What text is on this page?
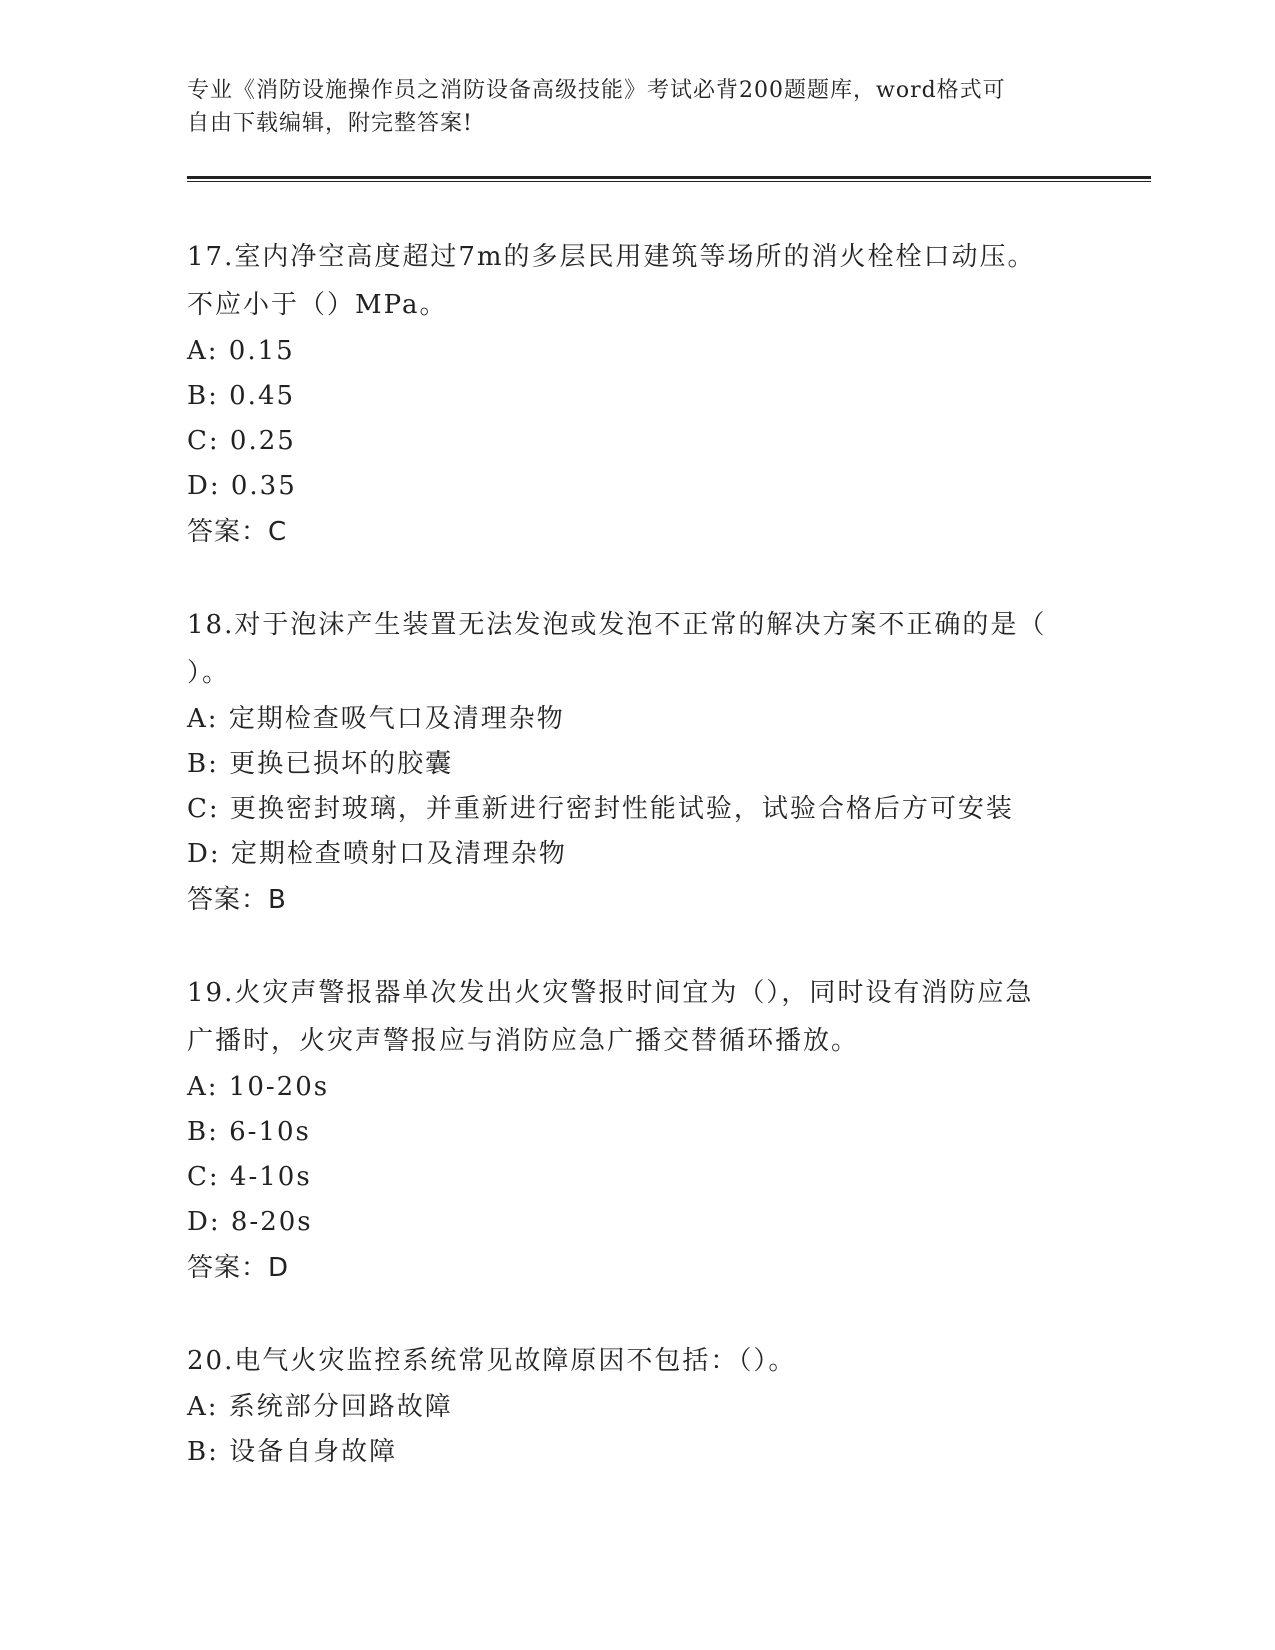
专业《消防设施操作员之消防设备高级技能》考试必背200题题库，word格式可
自由下载编辑，附完整答案!
17.室内净空高度超过7m的多层民用建筑等场所的消火栓栓口动压。
不应小于（）MPa。
A: 0.15
B: 0.45
C: 0.25
D: 0.35
答案：C
18.对于泡沫产生装置无法发泡或发泡不正常的解决方案不正确的是（
）。
A: 定期检查吸气口及清理杂物
B: 更换已损坏的胶囊
C: 更换密封玻璃，并重新进行密封性能试验，试验合格后方可安装
D: 定期检查喷射口及清理杂物
答案：B
19.火灾声警报器单次发出火灾警报时间宜为（），同时设有消防应急
广播时，火灾声警报应与消防应急广播交替循环播放。
A: 10-20s
B: 6-10s
C: 4-10s
D: 8-20s
答案：D
20.电气火灾监控系统常见故障原因不包括：（）。
A: 系统部分回路故障
B: 设备自身故障
